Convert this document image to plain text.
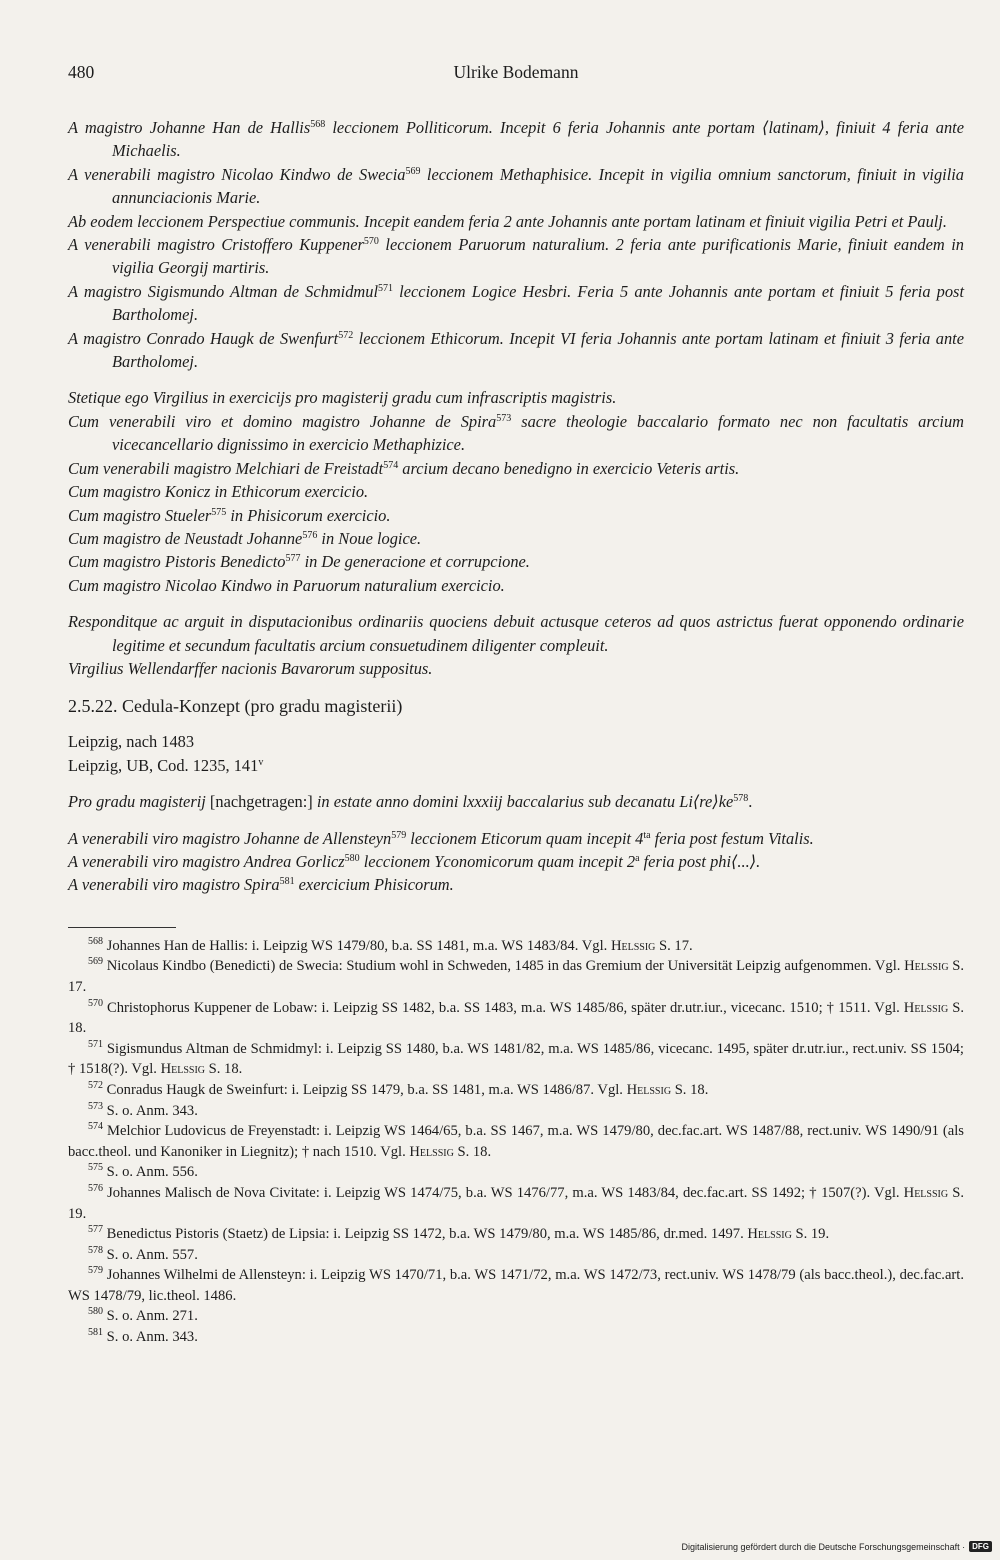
480	Ulrike Bodemann

A magistro Johanne Han de Hallis$^{568}$ leccionem Polliticorum. Incepit 6 feria Johannis ante portam ⟨latinam⟩, finiuit 4 feria ante Michaelis.

A venerabili magistro Nicolao Kindwo de Swecia$^{569}$ leccionem Methaphisice. Incepit in vigilia omnium sanctorum, finiuit in vigilia annunciacionis Marie.

Ab eodem leccionem Perspectiue communis. Incepit eandem feria 2 ante Johannis ante portam latinam et finiuit vigilia Petri et Paulj.

A venerabili magistro Cristoffero Kuppener$^{570}$ leccionem Paruorum naturalium. 2 feria ante purificationis Marie, finiuit eandem in vigilia Georgij martiris.

A magistro Sigismundo Altman de Schmidmul$^{571}$ leccionem Logice Hesbri. Feria 5 ante Johannis ante portam et finiuit 5 feria post Bartholomej.

A magistro Conrado Haugk de Swenfurt$^{572}$ leccionem Ethicorum. Incepit VI feria Johannis ante portam latinam et finiuit 3 feria ante Bartholomej.

Stetique ego Virgilius in exercicijs pro magisterij gradu cum infrascriptis magistris.

Cum venerabili viro et domino magistro Johanne de Spira$^{573}$ sacre theologie baccalario formato nec non facultatis arcium vicecancellario dignissimo in exercicio Methaphizice.

Cum venerabili magistro Melchiari de Freistadt$^{574}$ arcium decano benedigno in exercicio Veteris artis.

Cum magistro Konicz in Ethicorum exercicio.

Cum magistro Stueler$^{575}$ in Phisicorum exercicio.

Cum magistro de Neustadt Johanne$^{576}$ in Noue logice.

Cum magistro Pistoris Benedicto$^{577}$ in De generacione et corrupcione.

Cum magistro Nicolao Kindwo in Paruorum naturalium exercicio.

Responditque ac arguit in disputacionibus ordinariis quociens debuit actusque ceteros ad quos astrictus fuerat opponendo ordinarie legitime et secundum facultatis arcium consuetudinem diligenter compleuit.

Virgilius Wellendarffer nacionis Bavarorum suppositus.

2.5.22. Cedula-Konzept (pro gradu magisterii)

Leipzig, nach 1483

Leipzig, UB, Cod. 1235, 141$^v$

Pro gradu magisterij [nachgetragen:] in estate anno domini lxxxiij baccalarius sub decanatu $Li⟨re⟩ke^{578}$.

A venerabili viro magistro Johanne de Allensteyn$^{579}$ leccionem Eticorum quam incepit $4^{ta}$ feria post festum Vitalis.

A venerabili viro magistro Andrea Gorlicz$^{580}$ leccionem Yconomicorum quam incepit 2$^a$ feria post phi⟨...⟩.

A venerabili viro magistro Spira$^{581}$ exercicium Phisicorum.

$^{568}$ Johannes Han de Hallis: i. Leipzig WS 1479/80, b.a. SS 1481, m.a. WS 1483/84. Vgl. Helssig S. 17.

$^{569}$ Nicolaus Kindbo (Benedicti) de Swecia: Studium wohl in Schweden, 1485 in das Gremium der Universität Leipzig aufgenommen. Vgl. Helssig S. 17.

$^{570}$ Christophorus Kuppener de Lobaw: i. Leipzig SS 1482, b.a. SS 1483, m.a. WS 1485/86, später dr.utr.iur., vicecanc. 1510; † 1511. Vgl. Helssig S. 18.

$^{571}$ Sigismundus Altman de Schmidmyl: i. Leipzig SS 1480, b.a. WS 1481/82, m.a. WS 1485/86, vicecanc. 1495, später dr.utr.iur., rect.univ. SS 1504; † 1518(?). Vgl. Helssig S. 18.

$^{572}$ Conradus Haugk de Sweinfurt: i. Leipzig SS 1479, b.a. SS 1481, m.a. WS 1486/87. Vgl. Helssig S. 18.

$^{573}$ S. o. Anm. 343.

$^{574}$ Melchior Ludovicus de Freyenstadt: i. Leipzig WS 1464/65, b.a. SS 1467, m.a. WS 1479/80, dec.fac.art. WS 1487/88, rect.univ. WS 1490/91 (als bacc.theol. und Kanoniker in Liegnitz); † nach 1510. Vgl. Helssig S. 18.

$^{575}$ S. o. Anm. 556.

$^{576}$ Johannes Malisch de Nova Civitate: i. Leipzig WS 1474/75, b.a. WS 1476/77, m.a. WS 1483/84, dec.fac.art. SS 1492; † 1507(?). Vgl. Helssig S. 19.

$^{577}$ Benedictus Pistoris (Staetz) de Lipsia: i. Leipzig SS 1472, b.a. WS 1479/80, m.a. WS 1485/86, dr.med. 1497. Helssig S. 19.

$^{578}$ S. o. Anm. 557.

$^{579}$ Johannes Wilhelmi de Allensteyn: i. Leipzig WS 1470/71, b.a. WS 1471/72, m.a. WS 1472/73, rect.univ. WS 1478/79 (als bacc.theol.), dec.fac.art. WS 1478/79, lic.theol. 1486.

$^{580}$ S. o. Anm. 271.

$^{581}$ S. o. Anm. 343.

Digitalisierung gefördert durch die Deutsche Forschungsgemeinschaft · DFG
